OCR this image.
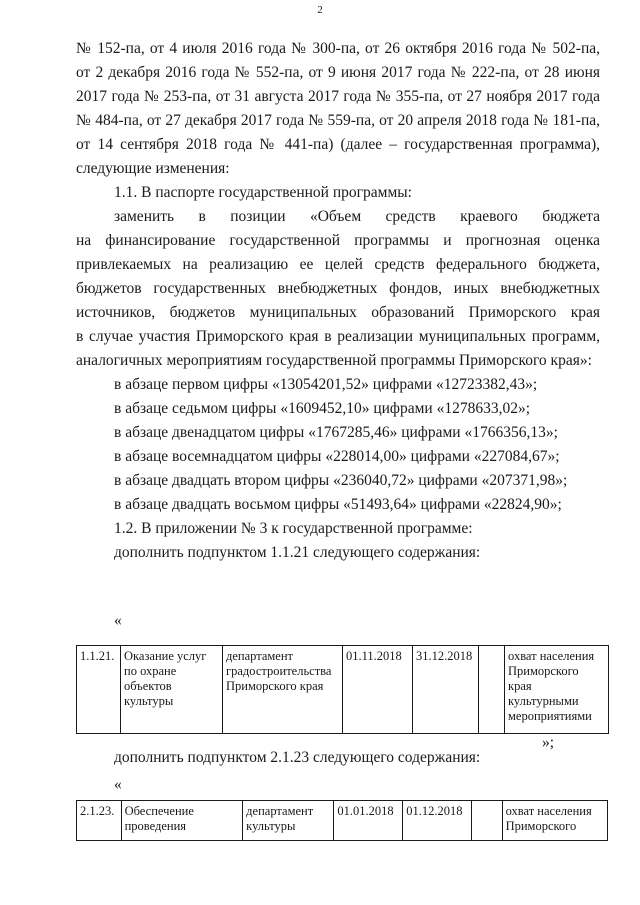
2
№ 152-па, от 4 июля 2016 года № 300-па, от 26 октября 2016 года № 502-па,
от 2 декабря 2016 года № 552-па, от 9 июня 2017 года № 222-па, от 28 июня
2017 года № 253-па, от 31 августа 2017 года № 355-па, от 27 ноября 2017 года
№ 484-па, от 27 декабря 2017 года № 559-па, от 20 апреля 2018 года № 181-па,
от 14 сентября 2018 года № 441-па) (далее – государственная программа),
следующие изменения:
1.1. В паспорте государственной программы:
заменить в позиции «Объем средств краевого бюджета
на финансирование государственной программы и прогнозная оценка
привлекаемых на реализацию ее целей средств федерального бюджета,
бюджетов государственных внебюджетных фондов, иных внебюджетных
источников, бюджетов муниципальных образований Приморского края
в случае участия Приморского края в реализации муниципальных программ,
аналогичных мероприятиям государственной программы Приморского края»:
в абзаце первом цифры «13054201,52» цифрами «12723382,43»;
в абзаце седьмом цифры «1609452,10» цифрами «1278633,02»;
в абзаце двенадцатом цифры «1767285,46» цифрами «1766356,13»;
в абзаце восемнадцатом цифры «228014,00» цифрами «227084,67»;
в абзаце двадцать втором цифры «236040,72» цифрами «207371,98»;
в абзаце двадцать восьмом цифры «51493,64» цифрами «22824,90»;
1.2. В приложении № 3 к государственной программе:
дополнить подпунктом 1.1.21 следующего содержания:
«
1.1.21.	Оказание услуг по охране объектов культуры	департамент градостроительства Приморского края	01.11.2018	31.12.2018		охват населения Приморского края культурными мероприятиями
»;
дополнить подпунктом 2.1.23 следующего содержания:
«
2.1.23.	Обеспечение проведения	департамент культуры	01.01.2018	01.12.2018		охват населения Приморского
